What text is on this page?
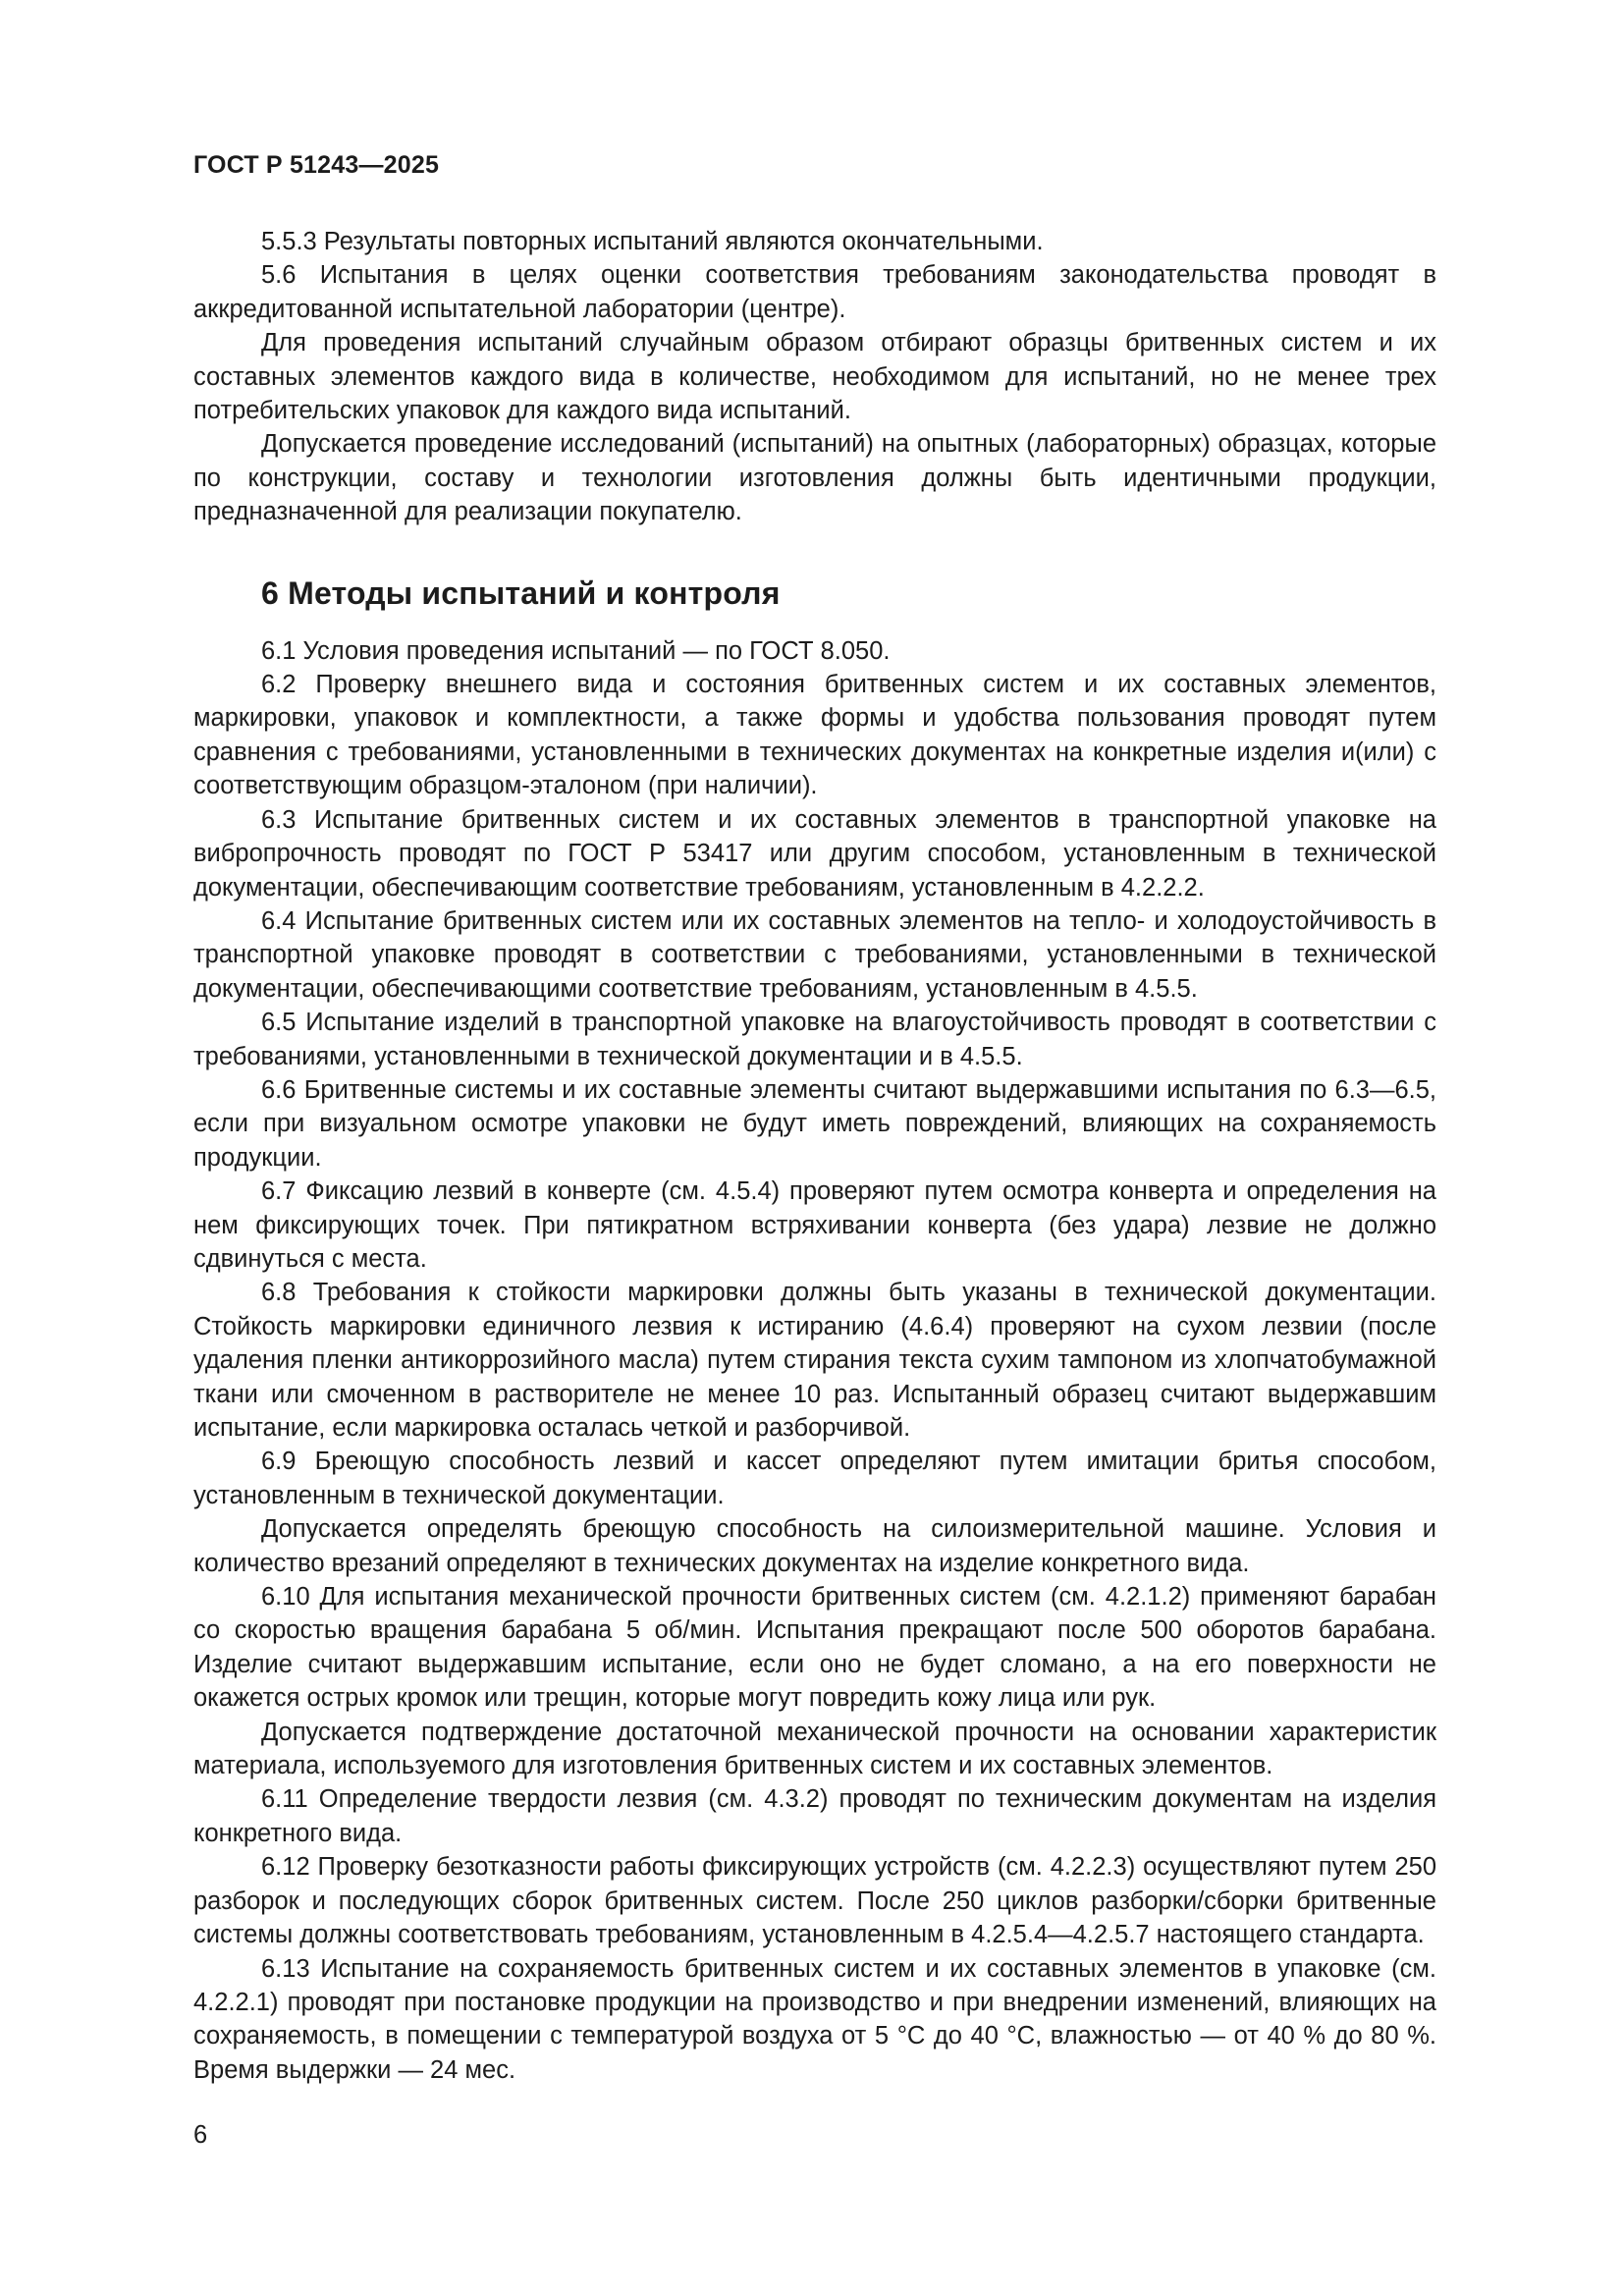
ГОСТ Р 51243—2025

5.5.3 Результаты повторных испытаний являются окончательными.

5.6 Испытания в целях оценки соответствия требованиям законодательства проводят в аккредитованной испытательной лаборатории (центре).

Для проведения испытаний случайным образом отбирают образцы бритвенных систем и их составных элементов каждого вида в количестве, необходимом для испытаний, но не менее трех потребительских упаковок для каждого вида испытаний.

Допускается проведение исследований (испытаний) на опытных (лабораторных) образцах, которые по конструкции, составу и технологии изготовления должны быть идентичными продукции, предназначенной для реализации покупателю.

6 Методы испытаний и контроля

6.1 Условия проведения испытаний — по ГОСТ 8.050.

6.2 Проверку внешнего вида и состояния бритвенных систем и их составных элементов, маркировки, упаковок и комплектности, а также формы и удобства пользования проводят путем сравнения с требованиями, установленными в технических документах на конкретные изделия и(или) с соответствующим образцом-эталоном (при наличии).

6.3 Испытание бритвенных систем и их составных элементов в транспортной упаковке на вибропрочность проводят по ГОСТ Р 53417 или другим способом, установленным в технической документации, обеспечивающим соответствие требованиям, установленным в 4.2.2.2.

6.4 Испытание бритвенных систем или их составных элементов на тепло- и холодоустойчивость в транспортной упаковке проводят в соответствии с требованиями, установленными в технической документации, обеспечивающими соответствие требованиям, установленным в 4.5.5.

6.5 Испытание изделий в транспортной упаковке на влагоустойчивость проводят в соответствии с требованиями, установленными в технической документации и в 4.5.5.

6.6 Бритвенные системы и их составные элементы считают выдержавшими испытания по 6.3—6.5, если при визуальном осмотре упаковки не будут иметь повреждений, влияющих на сохраняемость продукции.

6.7 Фиксацию лезвий в конверте (см. 4.5.4) проверяют путем осмотра конверта и определения на нем фиксирующих точек. При пятикратном встряхивании конверта (без удара) лезвие не должно сдвинуться с места.

6.8 Требования к стойкости маркировки должны быть указаны в технической документации. Стойкость маркировки единичного лезвия к истиранию (4.6.4) проверяют на сухом лезвии (после удаления пленки антикоррозийного масла) путем стирания текста сухим тампоном из хлопчатобумажной ткани или смоченном в растворителе не менее 10 раз. Испытанный образец считают выдержавшим испытание, если маркировка осталась четкой и разборчивой.

6.9 Бреющую способность лезвий и кассет определяют путем имитации бритья способом, установленным в технической документации.

Допускается определять бреющую способность на силоизмерительной машине. Условия и количество врезаний определяют в технических документах на изделие конкретного вида.

6.10 Для испытания механической прочности бритвенных систем (см. 4.2.1.2) применяют барабан со скоростью вращения барабана 5 об/мин. Испытания прекращают после 500 оборотов барабана. Изделие считают выдержавшим испытание, если оно не будет сломано, а на его поверхности не окажется острых кромок или трещин, которые могут повредить кожу лица или рук.

Допускается подтверждение достаточной механической прочности на основании характеристик материала, используемого для изготовления бритвенных систем и их составных элементов.

6.11 Определение твердости лезвия (см. 4.3.2) проводят по техническим документам на изделия конкретного вида.

6.12 Проверку безотказности работы фиксирующих устройств (см. 4.2.2.3) осуществляют путем 250 разборок и последующих сборок бритвенных систем. После 250 циклов разборки/сборки бритвенные системы должны соответствовать требованиям, установленным в 4.2.5.4—4.2.5.7 настоящего стандарта.

6.13 Испытание на сохраняемость бритвенных систем и их составных элементов в упаковке (см. 4.2.2.1) проводят при постановке продукции на производство и при внедрении изменений, влияющих на сохраняемость, в помещении с температурой воздуха от 5 °С до 40 °С, влажностью — от 40 % до 80 %. Время выдержки — 24 мес.

6
